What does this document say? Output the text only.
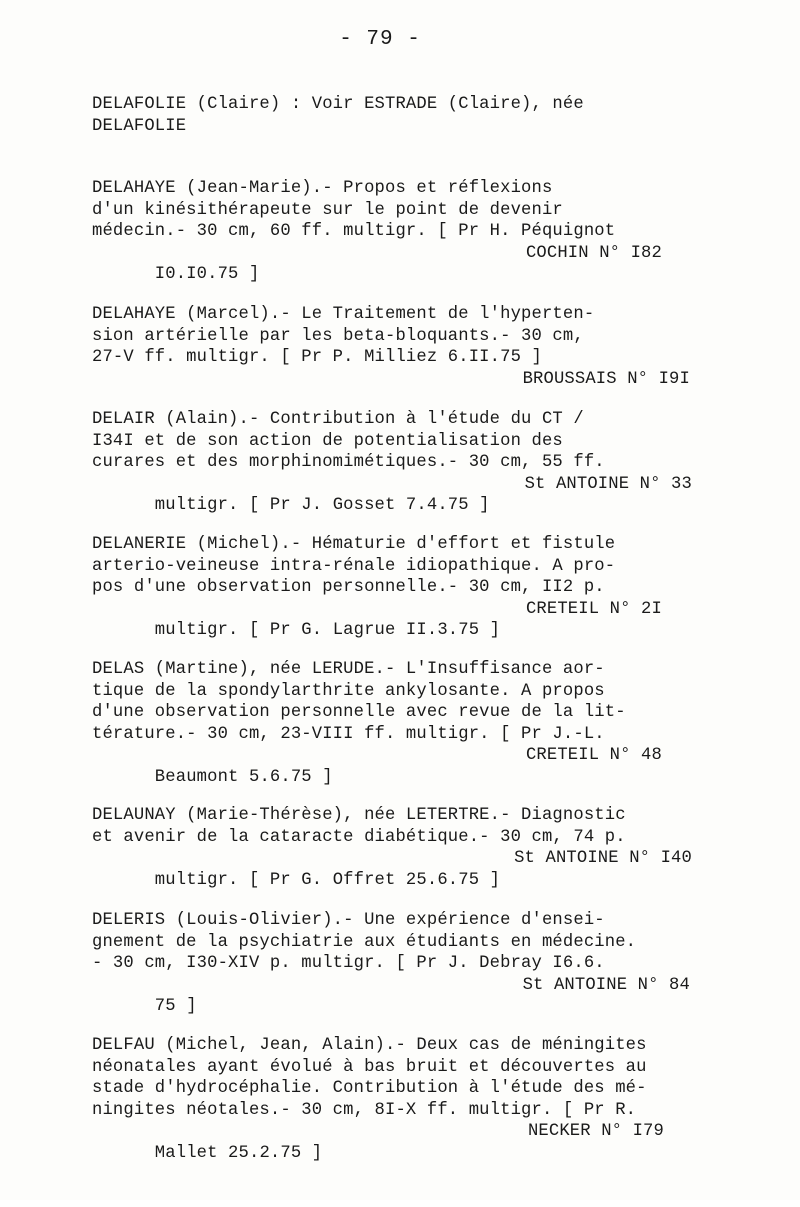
- 79 -
DELAFOLIE (Claire) : Voir ESTRADE (Claire), née
DELAFOLIE
DELAHAYE (Jean-Marie).- Propos et réflexions
d'un kinésithérapeute sur le point de devenir
médecin.- 30 cm, 60 ff. multigr. [ Pr H. Péquignot

I0.I0.75 ]

COCHIN N° I82

DELAHAYE (Marcel).- Le Traitement de l'hyperten-
sion artérielle par les beta-bloquants.- 30 cm,
27-V ff. multigr. [ Pr P. Milliez 6.II.75 ]
BROUSSAIS N° I9I
DELAIR (Alain).- Contribution à l'étude du CT /
I34I et de son action de potentialisation des
curares et des morphinomimétiques.- 30 cm, 55 ff.

multigr. [ Pr J. Gosset 7.4.75 ]

St ANTOINE N° 33

DELANERIE (Michel).- Hématurie d'effort et fistule
arterio-veineuse intra-rénale idiopathique. A pro-
pos d'une observation personnelle.- 30 cm, II2 p.

multigr. [ Pr G. Lagrue II.3.75 ]

CRETEIL N° 2I

DELAS (Martine), née LERUDE.- L'Insuffisance aor-
tique de la spondylarthrite ankylosante. A propos
d'une observation personnelle avec revue de la lit-
térature.- 30 cm, 23-VIII ff. multigr. [ Pr J.-L.

Beaumont 5.6.75 ]

CRETEIL N° 48

DELAUNAY (Marie-Thérèse), née LETERTRE.- Diagnostic
et avenir de la cataracte diabétique.- 30 cm, 74 p.

multigr. [ Pr G. Offret 25.6.75 ]

St ANTOINE N° I40

DELERIS (Louis-Olivier).- Une expérience d'ensei-
gnement de la psychiatrie aux étudiants en médecine.
- 30 cm, I30-XIV p. multigr. [ Pr J. Debray I6.6.

75 ]

St ANTOINE N° 84

DELFAU (Michel, Jean, Alain).- Deux cas de méningites
néonatales ayant évolué à bas bruit et découvertes au
stade d'hydrocéphalie. Contribution à l'étude des mé-
ningites néotales.- 30 cm, 8I-X ff. multigr. [ Pr R.

Mallet 25.2.75 ]

NECKER N° I79
